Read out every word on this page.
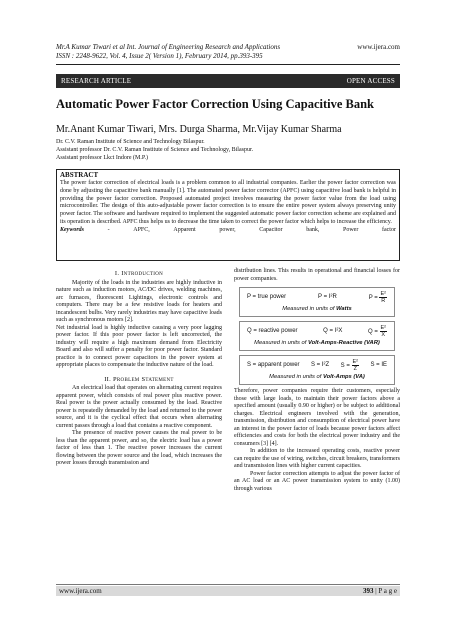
Mr.A Kumar Tiwari et al Int. Journal of Engineering Research and Applications	www.ijera.com
ISSN : 2248-9622, Vol. 4, Issue 2( Version 1), February 2014, pp.393-395
RESEARCH ARTICLE	OPEN ACCESS
Automatic Power Factor Correction Using Capacitive Bank
Mr.Anant Kumar Tiwari, Mrs. Durga Sharma, Mr.Vijay Kumar Sharma
Dr. C.V. Raman Institute of Science and Technology Bilaspur.
Assistant professor Dr. C.V. Raman Institute of Science and Technology, Bilaspur.
Assistant professor Lkct Indore (M.P.)
ABSTRACT

The power factor correction of electrical loads is a problem common to all industrial companies. Earlier the power factor correction was done by adjusting the capacitive bank manually [1]. The automated power factor corrector (APFC) using capacitive load bank is helpful in providing the power factor correction. Proposed automated project involves measuring the power factor value from the load using microcontroller. The design of this auto-adjustable power factor correction is to ensure the entire power system always preserving unity power factor. The software and hardware required to implement the suggested automatic power factor correction scheme are explained and its operation is described. APFC thus helps us to decrease the time taken to correct the power factor which helps to increase the efficiency.

Keywords	-	APFC,	Apparent	power,	Capacitor	bank,	Power	factor
I. Introduction

Majority of the loads in the industries are highly inductive in nature such as induction motors, AC/DC drives, welding machines, arc furnaces, fluorescent Lightings, electronic controls and computers. There may be a few resistive loads for heaters and incandescent bulbs. Very rarely industries may have capacitive loads such as synchronous motors [2].

Net industrial load is highly inductive causing a very poor lagging power factor. If this poor power factor is left uncorrected, the industry will require a high maximum demand from Electricity Board and also will suffer a penalty for poor power factor. Standard practice is to connect power capacitors in the power system at appropriate places to compensate the inductive nature of the load.

II. Problem Statement

An electrical load that operates on alternating current requires apparent power, which consists of real power plus reactive power. Real power is the power actually consumed by the load. Reactive power is repeatedly demanded by the load and returned to the power source, and it is the cyclical effect that occurs when alternating current passes through a load that contains a reactive component.

The presence of reactive power causes the real power to be less than the apparent power, and so, the electric load has a power factor of less than 1. The reactive power increases the current flowing between the power source and the load, which increases the power losses through transmission and

distribution lines. This results in operational and financial losses for power companies.

P = true power	P = I²R	$P = \frac{\text{E²}}{R}$
Measured in units of Watts
Q = reactive power	Q = I²X	$Q = \frac{\text{E²}}{X}$
Measured in units of Volt-Amps-Reactive (VAR)
S = apparent power S = I²Z $S = \frac{\text{E²}}{Z}$ S = IE
Measured in units of Volt-Amps (VA)

Therefore, power companies require their customers, especially those with large loads, to maintain their power factors above a specified amount (usually 0.90 or higher) or be subject to additional charges. Electrical engineers involved with the generation, transmission, distribution and consumption of electrical power have an interest in the power factor of loads because power factors affect efficiencies and costs for both the electrical power industry and the consumers [3] [4].

In addition to the increased operating costs, reactive power can require the use of wiring, switches, circuit breakers, transformers and transmission lines with higher current capacities.

Power factor correction attempts to adjust the power factor of an AC load or an AC power transmission system to unity (1.00) through various

www.ijera.com	393 | P a g e
